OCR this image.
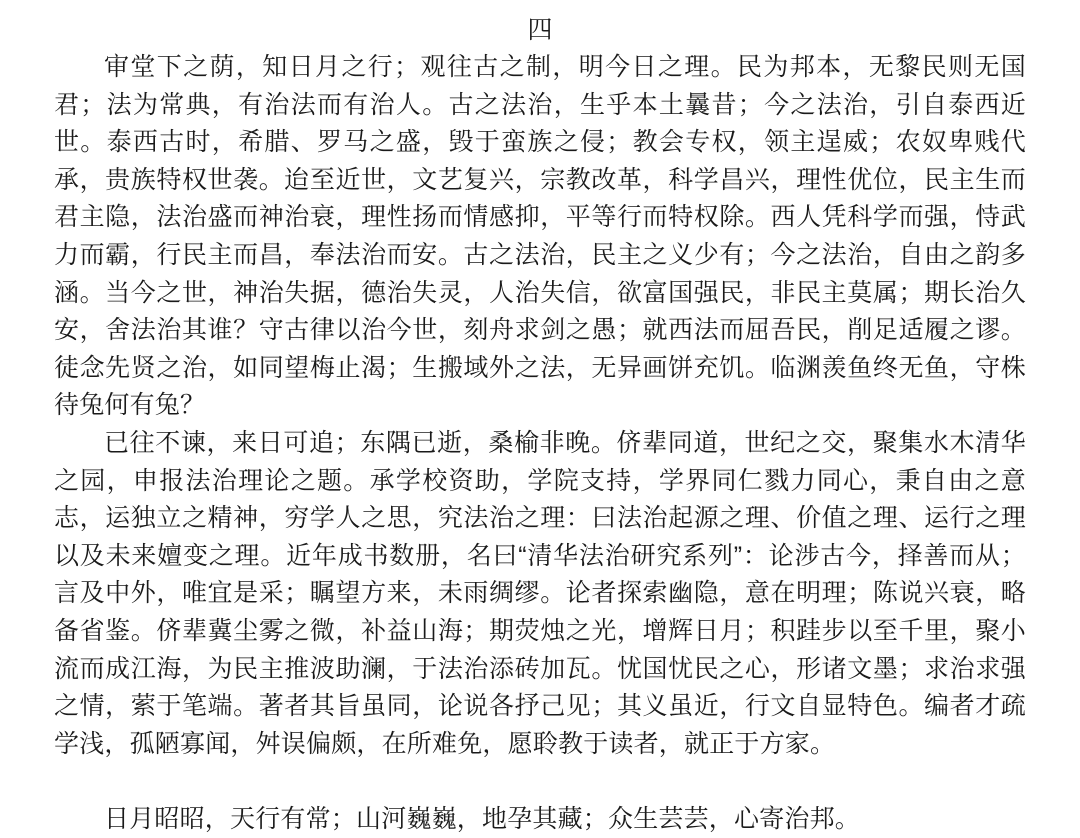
四

审堂下之荫，知日月之行；观往古之制，明今日之理。民为邦本，无黎民则无国君；法为常典，有治法而有治人。古之法治，生乎本土曩昔；今之法治，引自泰西近世。泰西古时，希腊、罗马之盛，毁于蛮族之侵；教会专权，领主逞威；农奴卑贱代承，贵族特权世袭。迨至近世，文艺复兴，宗教改革，科学昌兴，理性优位，民主生而君主隐，法治盛而神治衰，理性扬而情感抑，平等行而特权除。西人凭科学而强，恃武力而霸，行民主而昌，奉法治而安。古之法治，民主之义少有；今之法治，自由之韵多涵。当今之世，神治失据，德治失灵，人治失信，欲富国强民，非民主莫属；期长治久安，舍法治其谁？守古律以治今世，刻舟求剑之愚；就西法而屈吾民，削足适履之谬。徒念先贤之治，如同望梅止渴；生搬域外之法，无异画饼充饥。临渊羡鱼终无鱼，守株待兔何有兔？

已往不谏，来日可追；东隅已逝，桑榆非晚。侪辈同道，世纪之交，聚集水木清华之园，申报法治理论之题。承学校资助，学院支持，学界同仁戮力同心，秉自由之意志，运独立之精神，穷学人之思，究法治之理：曰法治起源之理、价值之理、运行之理以及未来嬗变之理。近年成书数册，名曰“清华法治研究系列”：论涉古今，择善而从；言及中外，唯宜是采；瞩望方来，未雨绸缪。论者探索幽隐，意在明理；陈说兴衰，略备省鉴。侪辈冀尘雾之微，补益山海；期荧烛之光，增辉日月；积跬步以至千里，聚小流而成江海，为民主推波助澜，于法治添砖加瓦。忧国忧民之心，形诸文墨；求治求强之情，萦于笔端。著者其旨虽同，论说各抒己见；其义虽近，行文自显特色。编者才疏学浅，孤陋寡闻，舛误偏颇，在所难免，愿聆教于读者，就正于方家。

日月昭昭，天行有常；山河巍巍，地孕其藏；众生芸芸，心寄治邦。
